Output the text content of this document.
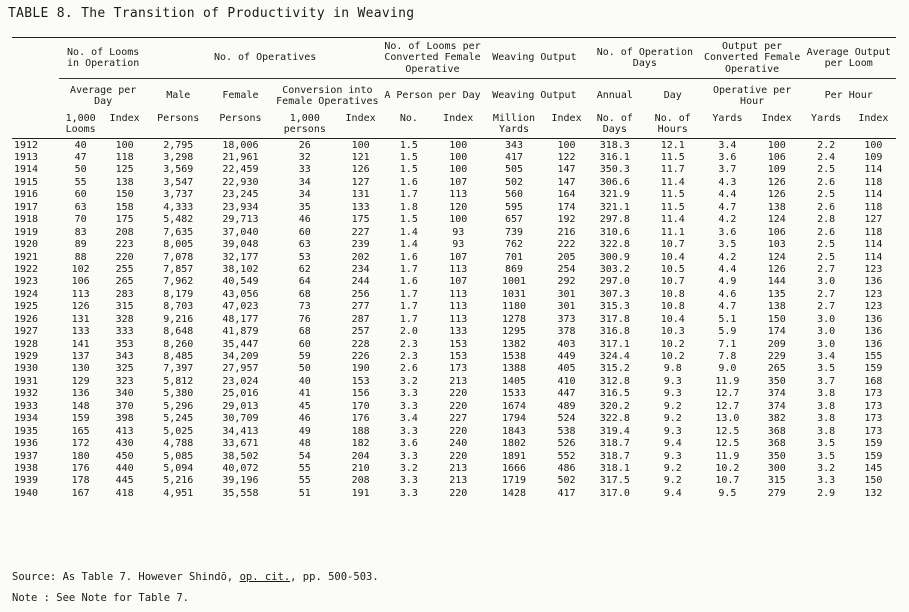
TABLE 8. The Transition of Productivity in Weaving
	No. of Looms in Operation		No. of Operatives				No. of Looms per Converted Female Operative		Weaving Output		No. of Operation Days		Output per Converted Female Operative		Average Output per Loom	
	Average per Day		Male	Female	Conversion into Female Operatives		A Person per Day		Weaving Output		Annual	Day	Operative per Hour		Per Hour	
	1,000 Looms	Index	Persons	Persons	1,000 persons	Index	No.	Index	Million Yards	Index	No. of Days	No. of Hours	Yards	Index	Yards	Index
1912	40	100	2,795	18,006	26	100	1.5	100	343	100	318.3	12.1	3.4	100	2.2	100
1913	47	118	3,298	21,961	32	121	1.5	100	417	122	316.1	11.5	3.6	106	2.4	109
1914	50	125	3,569	22,459	33	126	1.5	100	505	147	350.3	11.7	3.7	109	2.5	114
1915	55	138	3,547	22,930	34	127	1.6	107	502	147	306.6	11.4	4.3	126	2.6	118
1916	60	150	3,737	23,245	34	131	1.7	113	560	164	321.9	11.5	4.4	126	2.5	114
1917	63	158	4,333	23,934	35	133	1.8	120	595	174	321.1	11.5	4.7	138	2.6	118
1918	70	175	5,482	29,713	46	175	1.5	100	657	192	297.8	11.4	4.2	124	2.8	127
1919	83	208	7,635	37,040	60	227	1.4	93	739	216	310.6	11.1	3.6	106	2.6	118
1920	89	223	8,005	39,048	63	239	1.4	93	762	222	322.8	10.7	3.5	103	2.5	114
1921	88	220	7,078	32,177	53	202	1.6	107	701	205	300.9	10.4	4.2	124	2.5	114
1922	102	255	7,857	38,102	62	234	1.7	113	869	254	303.2	10.5	4.4	126	2.7	123
1923	106	265	7,962	40,549	64	244	1.6	107	1001	292	297.0	10.7	4.9	144	3.0	136
1924	113	283	8,179	43,056	68	256	1.7	113	1031	301	307.3	10.8	4.6	135	2.7	123
1925	126	315	8,703	47,023	73	277	1.7	113	1180	301	315.3	10.8	4.7	138	2.7	123
1926	131	328	9,216	48,177	76	287	1.7	113	1278	373	317.8	10.4	5.1	150	3.0	136
1927	133	333	8,648	41,879	68	257	2.0	133	1295	378	316.8	10.3	5.9	174	3.0	136
1928	141	353	8,260	35,447	60	228	2.3	153	1382	403	317.1	10.2	7.1	209	3.0	136
1929	137	343	8,485	34,209	59	226	2.3	153	1538	449	324.4	10.2	7.8	229	3.4	155
1930	130	325	7,397	27,957	50	190	2.6	173	1388	405	315.2	9.8	9.0	265	3.5	159
1931	129	323	5,812	23,024	40	153	3.2	213	1405	410	312.8	9.3	11.9	350	3.7	168
1932	136	340	5,380	25,016	41	156	3.3	220	1533	447	316.5	9.3	12.7	374	3.8	173
1933	148	370	5,296	29,013	45	170	3.3	220	1674	489	320.2	9.2	12.7	374	3.8	173
1934	159	398	5,245	30,709	46	176	3.4	227	1794	524	322.8	9.2	13.0	382	3.8	173
1935	165	413	5,025	34,413	49	188	3.3	220	1843	538	319.4	9.3	12.5	368	3.8	173
1936	172	430	4,788	33,671	48	182	3.6	240	1802	526	318.7	9.4	12.5	368	3.5	159
1937	180	450	5,085	38,502	54	204	3.3	220	1891	552	318.7	9.3	11.9	350	3.5	159
1938	176	440	5,094	40,072	55	210	3.2	213	1666	486	318.1	9.2	10.2	300	3.2	145
1939	178	445	5,216	39,196	55	208	3.3	213	1719	502	317.5	9.2	10.7	315	3.3	150
1940	167	418	4,951	35,558	51	191	3.3	220	1428	417	317.0	9.4	9.5	279	2.9	132
Source: As Table 7. However Shindō, op. cit., pp. 500-503.
Note : See Note for Table 7.
